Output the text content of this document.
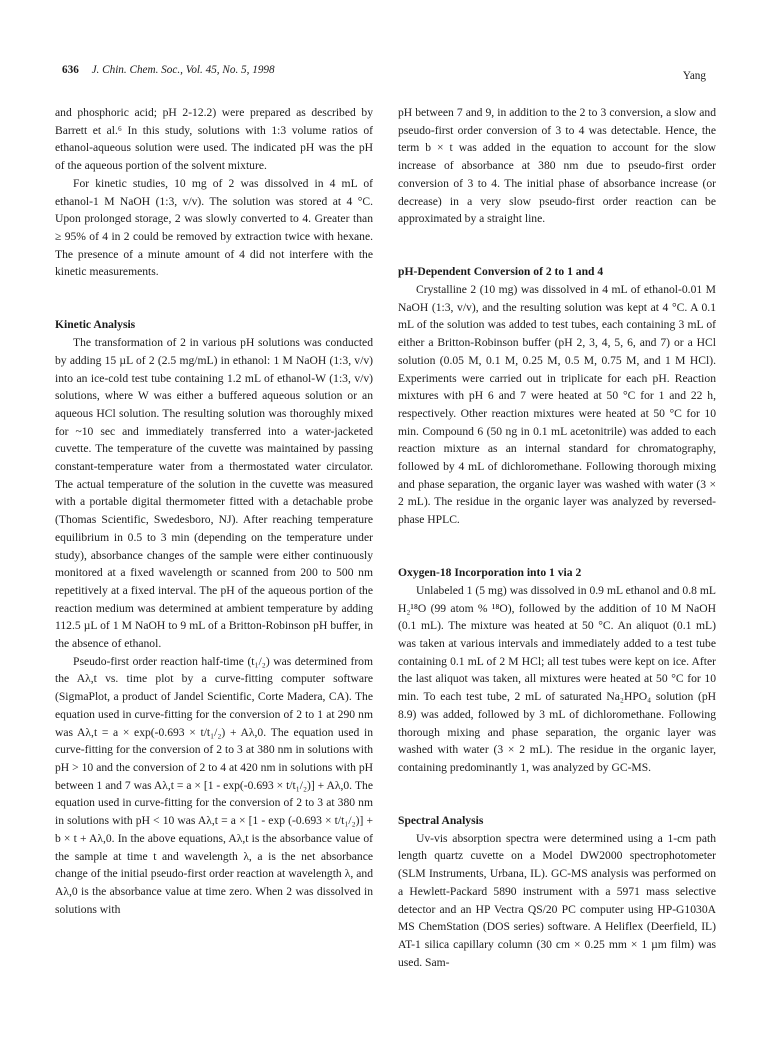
636 J. Chin. Chem. Soc., Vol. 45, No. 5, 1998	Yang

and phosphoric acid; pH 2-12.2) were prepared as described by Barrett et al.⁶ In this study, solutions with 1:3 volume ratios of ethanol-aqueous solution were used. The indicated pH was the pH of the aqueous portion of the solvent mixture.

For kinetic studies, 10 mg of 2 was dissolved in 4 mL of ethanol-1 M NaOH (1:3, v/v). The solution was stored at 4 °C. Upon prolonged storage, 2 was slowly converted to 4. Greater than ≥ 95% of 4 in 2 could be removed by extraction twice with hexane. The presence of a minute amount of 4 did not interfere with the kinetic measurements.

Kinetic Analysis

The transformation of 2 in various pH solutions was conducted by adding 15 µL of 2 (2.5 mg/mL) in ethanol: 1 M NaOH (1:3, v/v) into an ice-cold test tube containing 1.2 mL of ethanol-W (1:3, v/v) solutions, where W was either a buffered aqueous solution or an aqueous HCl solution. The resulting solution was thoroughly mixed for ~10 sec and immediately transferred into a water-jacketed cuvette. The temperature of the cuvette was maintained by passing constant-temperature water from a thermostated water circulator. The actual temperature of the solution in the cuvette was measured with a portable digital thermometer fitted with a detachable probe (Thomas Scientific, Swedesboro, NJ). After reaching temperature equilibrium in 0.5 to 3 min (depending on the temperature under study), absorbance changes of the sample were either continuously monitored at a fixed wavelength or scanned from 200 to 500 nm repetitively at a fixed interval. The pH of the aqueous portion of the reaction medium was determined at ambient temperature by adding 112.5 µL of 1 M NaOH to 9 mL of a Britton-Robinson pH buffer, in the absence of ethanol.

Pseudo-first order reaction half-time (t₁/₂) was determined from the Aλ,t vs. time plot by a curve-fitting computer software (SigmaPlot, a product of Jandel Scientific, Corte Madera, CA). The equation used in curve-fitting for the conversion of 2 to 1 at 290 nm was Aλ,t = a × exp(-0.693 × t/t₁/₂) + Aλ,0. The equation used in curve-fitting for the conversion of 2 to 3 at 380 nm in solutions with pH > 10 and the conversion of 2 to 4 at 420 nm in solutions with pH between 1 and 7 was Aλ,t = a × [1 - exp(-0.693 × t/t₁/₂)] + Aλ,0. The equation used in curve-fitting for the conversion of 2 to 3 at 380 nm in solutions with pH < 10 was Aλ,t = a × [1 - exp (-0.693 × t/t₁/₂)] + b × t + Aλ,0. In the above equations, Aλ,t is the absorbance value of the sample at time t and wavelength λ, a is the net absorbance change of the initial pseudo-first order reaction at wavelength λ, and Aλ,0 is the absorbance value at time zero. When 2 was dissolved in solutions with

pH between 7 and 9, in addition to the 2 to 3 conversion, a slow and pseudo-first order conversion of 3 to 4 was detectable. Hence, the term b × t was added in the equation to account for the slow increase of absorbance at 380 nm due to pseudo-first order conversion of 3 to 4. The initial phase of absorbance increase (or decrease) in a very slow pseudo-first order reaction can be approximated by a straight line.

pH-Dependent Conversion of 2 to 1 and 4

Crystalline 2 (10 mg) was dissolved in 4 mL of ethanol-0.01 M NaOH (1:3, v/v), and the resulting solution was kept at 4 °C. A 0.1 mL of the solution was added to test tubes, each containing 3 mL of either a Britton-Robinson buffer (pH 2, 3, 4, 5, 6, and 7) or a HCl solution (0.05 M, 0.1 M, 0.25 M, 0.5 M, 0.75 M, and 1 M HCl). Experiments were carried out in triplicate for each pH. Reaction mixtures with pH 6 and 7 were heated at 50 °C for 1 and 22 h, respectively. Other reaction mixtures were heated at 50 °C for 10 min. Compound 6 (50 ng in 0.1 mL acetonitrile) was added to each reaction mixture as an internal standard for chromatography, followed by 4 mL of dichloromethane. Following thorough mixing and phase separation, the organic layer was washed with water (3 × 2 mL). The residue in the organic layer was analyzed by reversed-phase HPLC.

Oxygen-18 Incorporation into 1 via 2

Unlabeled 1 (5 mg) was dissolved in 0.9 mL ethanol and 0.8 mL H₂¹⁸O (99 atom % ¹⁸O), followed by the addition of 10 M NaOH (0.1 mL). The mixture was heated at 50 °C. An aliquot (0.1 mL) was taken at various intervals and immediately added to a test tube containing 0.1 mL of 2 M HCl; all test tubes were kept on ice. After the last aliquot was taken, all mixtures were heated at 50 °C for 10 min. To each test tube, 2 mL of saturated Na₂HPO₄ solution (pH 8.9) was added, followed by 3 mL of dichloromethane. Following thorough mixing and phase separation, the organic layer was washed with water (3 × 2 mL). The residue in the organic layer, containing predominantly 1, was analyzed by GC-MS.

Spectral Analysis

Uv-vis absorption spectra were determined using a 1-cm path length quartz cuvette on a Model DW2000 spectrophotometer (SLM Instruments, Urbana, IL). GC-MS analysis was performed on a Hewlett-Packard 5890 instrument with a 5971 mass selective detector and an HP Vectra QS/20 PC computer using HP-G1030A MS ChemStation (DOS series) software. A Heliflex (Deerfield, IL) AT-1 silica capillary column (30 cm × 0.25 mm × 1 µm film) was used. Sam-
